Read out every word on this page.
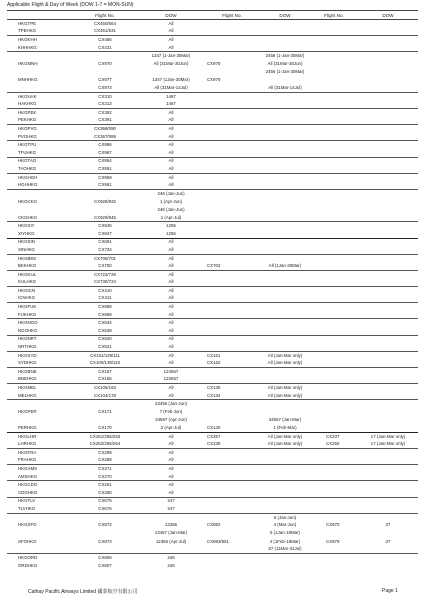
Applicable Flight & Day of Week (DOW 1-7 = MON-SUN)
	Flight No.	DOW	Flight No.	DOW	Flight No.	DOW
HKGTPE	CX450/564	All				
TPEHKG	CX451/531	All				
HKGKHH	CX456	All				
KHHHKG	CX431	All				
		1347 (1-Jan-30Mar)		2456 (1-Jan-30Mar)		
HKGMNH	CX970	All (31Mar-30Jun)	CX978	All (31Mar-30Jun)		
				2456 (1-Jan-30Mar)		
MNHHKG	CX977	1347 (1Jan-30Mar)	CX979			
	CX973	All (31Mar-14Jul)		All (31Mar-14Jul)		
HKGHAK	CX310	1467				
HAKHKG	CX313	1467				
HKGPEK	CX392	All				
PEKHKG	CX391	All				
HKGPVG	CX368/090	All				
PVGHKG	CX367/089	All				
HKGTPU	CX986	All				
TFUHKG	CX987	All				
HKGTAO	CX954	All				
TAOHKG	CX951	All				
HKGHGH	CX968	All				
HGHHKG	CX961	All				
		246 (Jan-Jun)				
HKGCKG	CX928/932	1 (Apr-Jun)				
		246 (Jan-Jun)				
CKGHKG	CX929/945	1 (Apr-Jul)				
HKGXIY	CX946	1256				
XIYHKG	CX947	1256				
HKGSIN	CX691	All				
SINHKG	CX734	All				
HKGBKK	CX705/701	All				
BKKHKG	CX750	All	CX702	All (1Jan-30Mar)		
HKGKUL	CX723/729	All				
KULHKG	CX730/724	All				
HKGICN	CX410	All				
ICNHKG	CX411	All				
HKGFUK	CX588	All				
FUKHKG	CX589	All				
HKGNGO	CX534	All				
NGOHKG	CX539	All				
HKGNRT	CX520	All				
NRTHKG	CX521	All				
HKGSYD	CX101/139/111	All	CX161	All (Jan-Mar only)		
SYDHKG	CX100/138/110	All	CX162	All (Jan-Mar only)		
HKGBNE	CX157	124567				
BNEHKG	CX156	123557				
HKGMEL	CX105/163	All	CX135	All (Jan-Mar only)		
MELHKG	CX104/178	All	CX134	All (Jan-Mar only)		
		23456 (Jan-Jun)				
HKGPER	CX171	7 (Feb-Jun)				
		34567 (Apr-Jun)		34567 (Jan-Mar)		
PERHKG	CX170	2 (Apr-Jul)	CX140	1 (Feb-Mar)		
HKGLHR	CX251/255/253	All	CX257	All (Jan-Mar only)	CX237	17 (Jan-Mar only)
LHRHKG	CX252/256/254	All	CX238	All (Jan-Mar only)	CX256	17 (Jan-Mar only)
HKGFRA	CX289	All				
FRAHKG	CX288	All				
HKGAMS	CX271	All				
AMSHKG	CX270	All				
HKGCDG	CX261	All				
CDGHKG	CX260	All				
HKGTLV	CX675	247				
TLVHKG	CX676	247				
				6 (Jan-Jun)		
HKGSFO	CX872	12356	CX892	4 (Mar-Jun)	CX870	37
		13457 (Jan-Mar)		6 (1Jan-18Mar)		
SFOHKG	CX873	12356 (Apr-Jul)	CX893/951	4 (1Feb-18Mar)	CX879	37
				57 (11Mar-31Jul)		
HKGORD	CX806	246				
ORDHKG	CX807	246				
Cathay Pacific Airways Limited 國泰航空有限公司	Page 1
